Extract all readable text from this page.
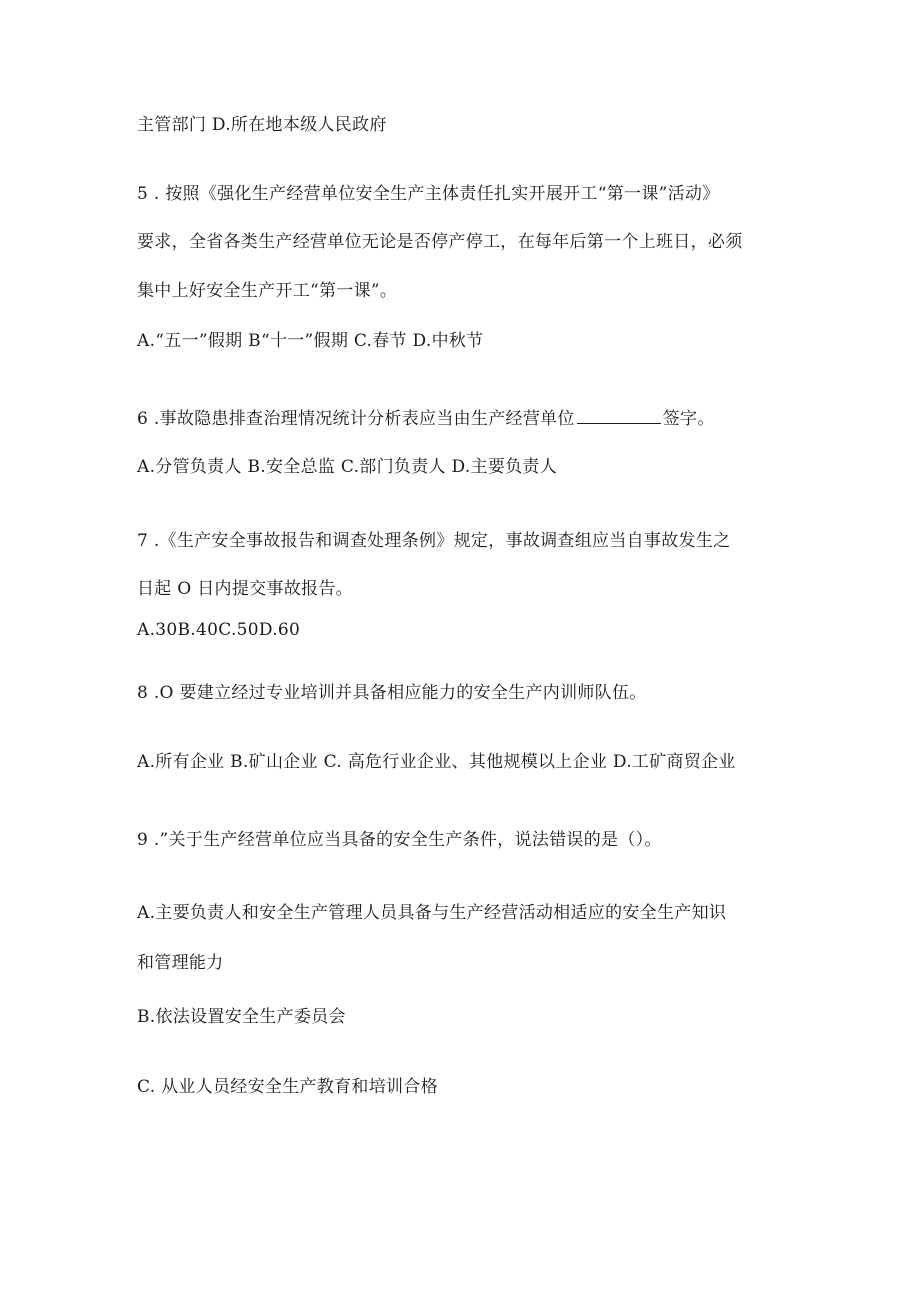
主管部门 D.所在地本级人民政府
5 . 按照《强化生产经营单位安全生产主体责任扎实开展开工“第一课”活动》
要求，全省各类生产经营单位无论是否停产停工，在每年后第一个上班日，必须
集中上好安全生产开工“第一课”。
A.“五一”假期 B“十一”假期 C.春节 D.中秋节
6 .事故隐患排查治理情况统计分析表应当由生产经营单位	签字。
A.分管负责人 B.安全总监 C.部门负责人 D.主要负责人
7 .《生产安全事故报告和调查处理条例》规定，事故调查组应当自事故发生之
日起 O 日内提交事故报告。
A.30B.40C.50D.60
8 .O 要建立经过专业培训并具备相应能力的安全生产内训师队伍。
A.所有企业 B.矿山企业 C. 高危行业企业、其他规模以上企业 D.工矿商贸企业
9 .”关于生产经营单位应当具备的安全生产条件，说法错误的是（）。
A.主要负责人和安全生产管理人员具备与生产经营活动相适应的安全生产知识
和管理能力
B.依法设置安全生产委员会
C. 从业人员经安全生产教育和培训合格
